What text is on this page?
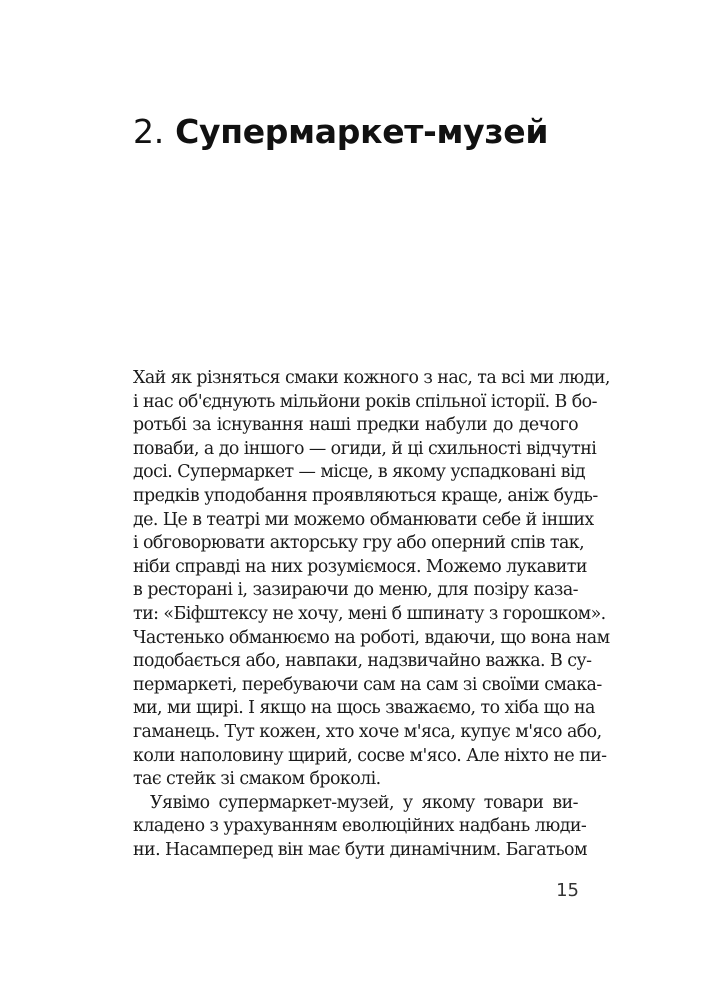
2. Супермаркет-музей
Хай як різняться смаки кожного з нас, та всі ми люди,
і нас об'єднують мільйони років спільної історії. В бо-
ротьбі за існування наші предки набули до дечого
поваби, а до іншого — огиди, й ці схильності відчутні
досі. Супермаркет — місце, в якому успадковані від
предків уподобання проявляються краще, аніж будь-
де. Це в театрі ми можемо обманювати себе й інших
і обговорювати акторську гру або оперний спів так,
ніби справді на них розуміємося. Можемо лукавити
в ресторані і, зазираючи до меню, для позіру каза-
ти: «Біфштексу не хочу, мені б шпинату з горошком».
Частенько обманюємо на роботі, вдаючи, що вона нам
подобається або, навпаки, надзвичайно важка. В су-
пермаркеті, перебуваючи сам на сам зі своїми смака-
ми, ми щирі. І якщо на щось зважаємо, то хіба що на
гаманець. Тут кожен, хто хоче м'яса, купує м'ясо або,
коли наполовину щирий, сосве м'ясо. Але ніхто не пи-
тає стейк зі смаком броколі.
Уявімо супермаркет-музей, у якому товари ви-
кладено з урахуванням еволюційних надбань люди-
ни. Насамперед він має бути динамічним. Багатьом
15
